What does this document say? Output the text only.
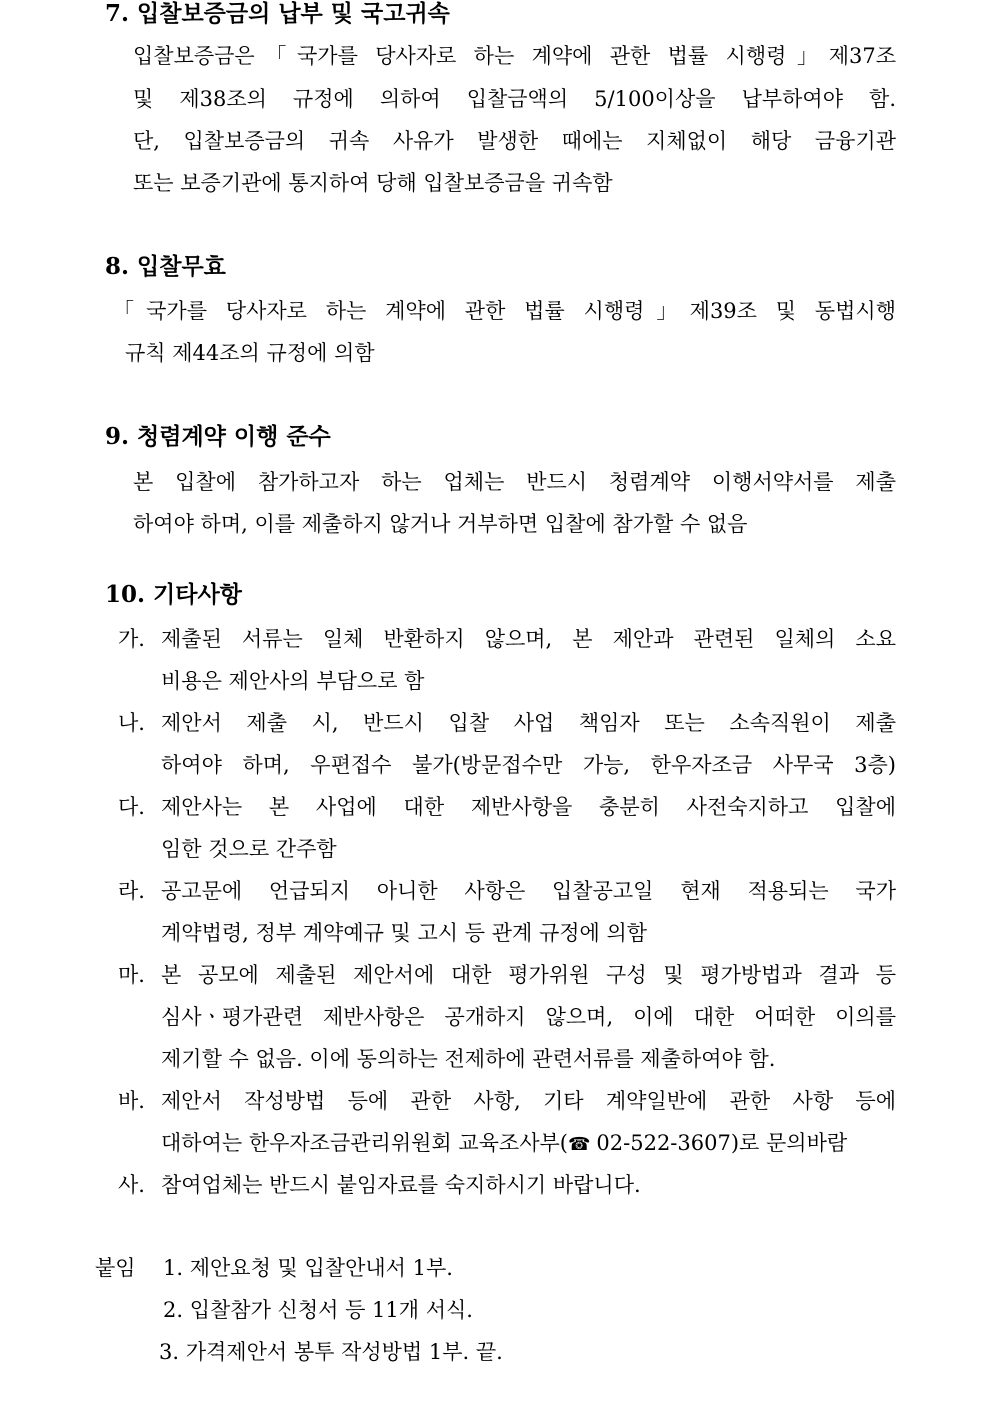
7. 입찰보증금의 납부 및 국고귀속
입찰보증금은「국가를 당사자로 하는 계약에 관한 법률 시행령」제37조
및 제38조의 규정에 의하여 입찰금액의 5/100이상을 납부하여야 함.
단, 입찰보증금의 귀속 사유가 발생한 때에는 지체없이 해당 금융기관
또는 보증기관에 통지하여 당해 입찰보증금을 귀속함
8. 입찰무효
「국가를 당사자로 하는 계약에 관한 법률 시행령」제39조 및 동법시행
규칙 제44조의 규정에 의함
9. 청렴계약 이행 준수
본 입찰에 참가하고자 하는 업체는 반드시 청렴계약 이행서약서를 제출
하여야 하며, 이를 제출하지 않거나 거부하면 입찰에 참가할 수 없음
10. 기타사항
가. 제출된 서류는 일체 반환하지 않으며, 본 제안과 관련된 일체의 소요
비용은 제안사의 부담으로 함
나. 제안서 제출 시, 반드시 입찰 사업 책임자 또는 소속직원이 제출
하여야 하며, 우편접수 불가(방문접수만 가능, 한우자조금 사무국 3층)
다. 제안사는 본 사업에 대한 제반사항을 충분히 사전숙지하고 입찰에
임한 것으로 간주함
라. 공고문에 언급되지 아니한 사항은 입찰공고일 현재 적용되는 국가
계약법령, 정부 계약예규 및 고시 등 관계 규정에 의함
마. 본 공모에 제출된 제안서에 대한 평가위원 구성 및 평가방법과 결과 등
심사ㆍ평가관련 제반사항은 공개하지 않으며, 이에 대한 어떠한 이의를
제기할 수 없음. 이에 동의하는 전제하에 관련서류를 제출하여야 함.
바. 제안서 작성방법 등에 관한 사항, 기타 계약일반에 관한 사항 등에
대하여는 한우자조금관리위원회 교육조사부(☎ 02-522-3607)로 문의바람
사. 참여업체는 반드시 붙임자료를 숙지하시기 바랍니다.
붙임 1. 제안요청 및 입찰안내서 1부.
2. 입찰참가 신청서 등 11개 서식.
3. 가격제안서 봉투 작성방법 1부. 끝.
